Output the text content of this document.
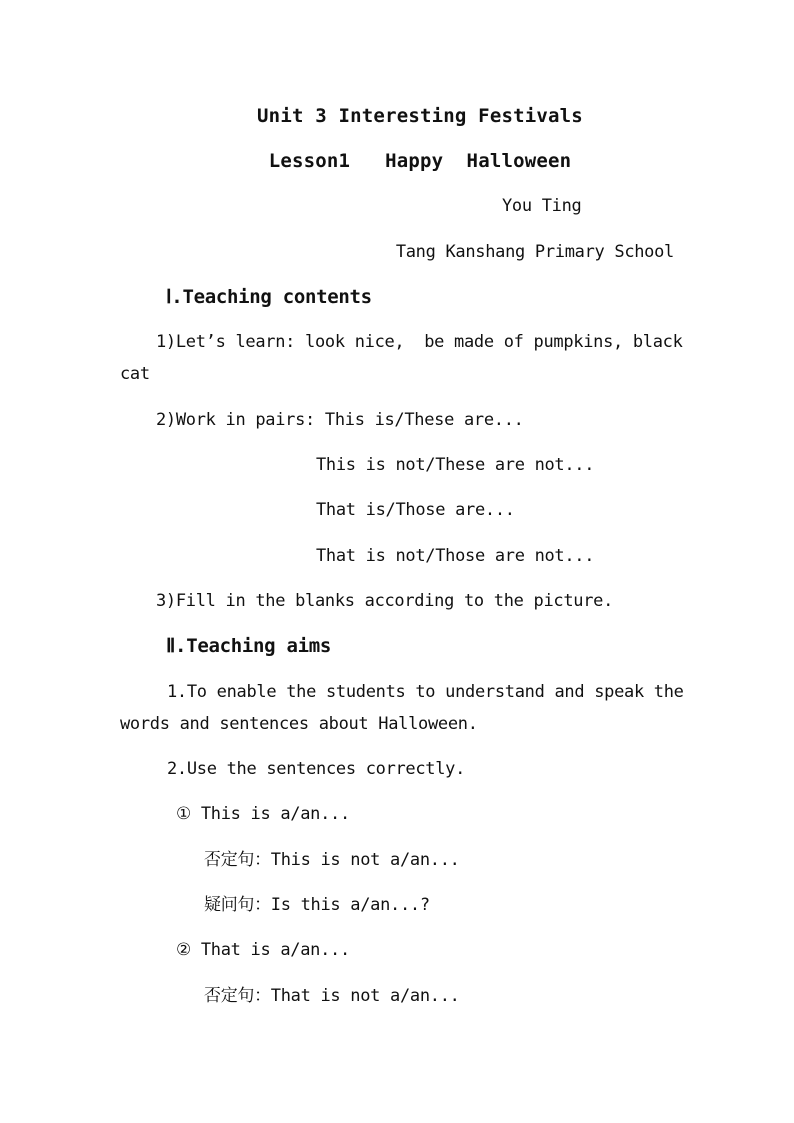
Unit 3 Interesting Festivals
Lesson1   Happy  Halloween
You Ting
Tang Kanshang Primary School
Ⅰ.Teaching contents
1)Let’s learn: look nice,  be made of pumpkins, black
cat
2)Work in pairs: This is/These are...
This is not/These are not...
That is/Those are...
That is not/Those are not...
3)Fill in the blanks according to the picture.
Ⅱ.Teaching aims
1.To enable the students to understand and speak the
words and sentences about Halloween.
2.Use the sentences correctly.
① This is a/an...
否定句：This is not a/an...
疑问句：Is this a/an...?
② That is a/an...
否定句：That is not a/an...
